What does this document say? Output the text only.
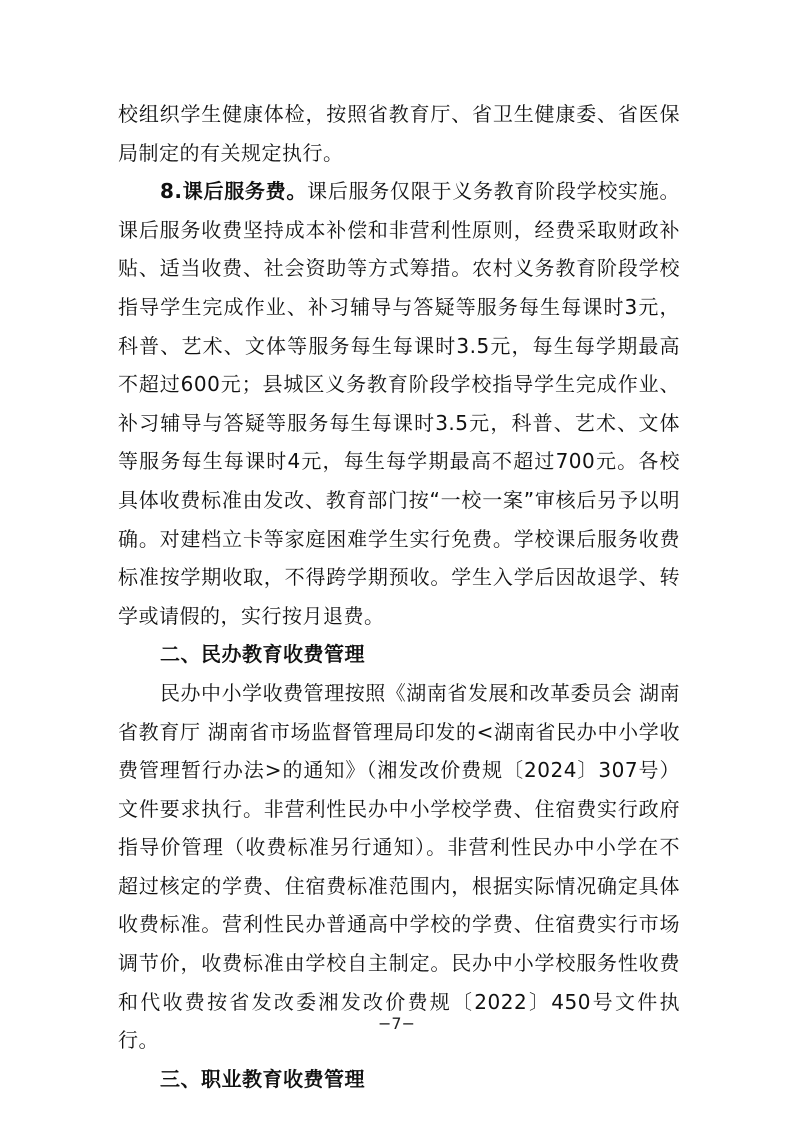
校组织学生健康体检，按照省教育厅、省卫生健康委、省医保局制定的有关规定执行。

8.课后服务费。课后服务仅限于义务教育阶段学校实施。课后服务收费坚持成本补偿和非营利性原则，经费采取财政补贴、适当收费、社会资助等方式筹措。农村义务教育阶段学校指导学生完成作业、补习辅导与答疑等服务每生每课时3元，科普、艺术、文体等服务每生每课时3.5元，每生每学期最高不超过600元；县城区义务教育阶段学校指导学生完成作业、补习辅导与答疑等服务每生每课时3.5元，科普、艺术、文体等服务每生每课时4元，每生每学期最高不超过700元。各校具体收费标准由发改、教育部门按“一校一案”审核后另予以明确。对建档立卡等家庭困难学生实行免费。学校课后服务收费标准按学期收取，不得跨学期预收。学生入学后因故退学、转学或请假的，实行按月退费。

二、民办教育收费管理

民办中小学收费管理按照《湖南省发展和改革委员会 湖南省教育厅 湖南省市场监督管理局印发的<湖南省民办中小学收费管理暂行办法>的通知》（湘发改价费规〔2024〕307号）文件要求执行。非营利性民办中小学校学费、住宿费实行政府指导价管理（收费标准另行通知）。非营利性民办中小学在不超过核定的学费、住宿费标准范围内，根据实际情况确定具体收费标准。营利性民办普通高中学校的学费、住宿费实行市场调节价，收费标准由学校自主制定。民办中小学校服务性收费和代收费按省发改委湘发改价费规〔2022〕450号文件执行。

三、职业教育收费管理

−7−
